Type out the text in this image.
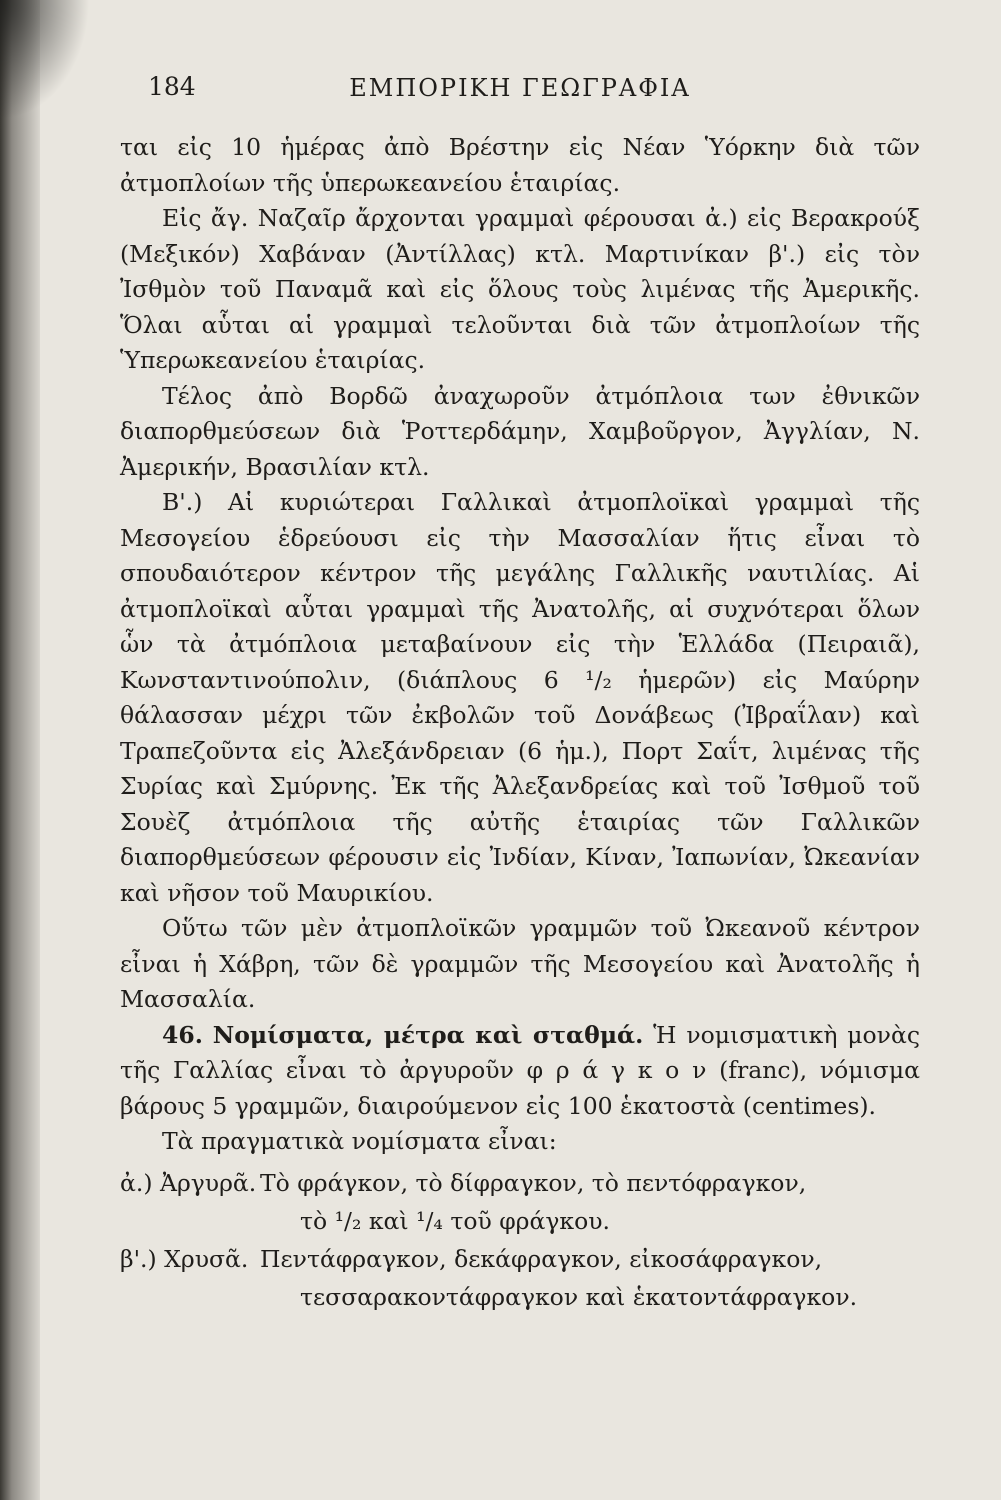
184	ΕΜΠΟΡΙΚΗ ΓΕΩΓΡΑΦΙΑ

ται εἰς 10 ἡμέρας ἀπὸ Βρέστην εἰς Νέαν Ὑόρκην διὰ τῶν ἀτμοπλοίων τῆς ὑπερωκεανείου ἑταιρίας.

Εἰς ἄγ. Ναζαῖρ ἄρχονται γραμμαὶ φέρουσαι ἀ.) εἰς Βερακρούξ (Μεξικόν) Χαβάναν (Ἀντίλλας) κτλ. Μαρτινίκαν β'.) εἰς τὸν Ἰσθμὸν τοῦ Παναμᾶ καὶ εἰς ὅλους τοὺς λιμένας τῆς Ἀμερικῆς. Ὅλαι αὗται αἱ γραμμαὶ τελοῦνται διὰ τῶν ἀτμοπλοίων τῆς Ὑπερωκεανείου ἑταιρίας.

Τέλος ἀπὸ Βορδῶ ἀναχωροῦν ἀτμόπλοια των ἐθνικῶν διαπορθμεύσεων διὰ Ῥοττερδάμην, Χαμβοῦργον, Ἀγγλίαν, Ν. Ἀμερικήν, Βρασιλίαν κτλ.

Β'.) Αἱ κυριώτεραι Γαλλικαὶ ἀτμοπλοϊκαὶ γραμμαὶ τῆς Μεσογείου ἑδρεύουσι εἰς τὴν Μασσαλίαν ἥτις εἶναι τὸ σπουδαιότερον κέντρον τῆς μεγάλης Γαλλικῆς ναυτιλίας. Αἱ ἀτμοπλοϊκαὶ αὗται γραμμαὶ τῆς Ἀνατολῆς, αἱ συχνότεραι ὅλων ὧν τὰ ἀτμόπλοια μεταβαίνουν εἰς τὴν Ἑλλάδα (Πειραιᾶ), Κωνσταντινούπολιν, (διάπλους 6 ¹/₂ ἡμερῶν) εἰς Μαύρην θάλασσαν μέχρι τῶν ἐκβολῶν τοῦ Δονάβεως (Ἰβραΐλαν) καὶ Τραπεζοῦντα εἰς Ἀλεξάνδρειαν (6 ἡμ.), Πορτ Σαΐτ, λιμένας τῆς Συρίας καὶ Σμύρνης. Ἐκ τῆς Ἀλεξανδρείας καὶ τοῦ Ἰσθμοῦ τοῦ Σουὲζ ἀτμόπλοια τῆς αὐτῆς ἑταιρίας τῶν Γαλλικῶν διαπορθμεύσεων φέρουσιν εἰς Ἰνδίαν, Κίναν, Ἰαπωνίαν, Ὠκεανίαν καὶ νῆσον τοῦ Μαυρικίου.

Οὕτω τῶν μὲν ἀτμοπλοϊκῶν γραμμῶν τοῦ Ὠκεανοῦ κέντρον εἶναι ἡ Χάβρη, τῶν δὲ γραμμῶν τῆς Μεσογείου καὶ Ἀνατολῆς ἡ Μασσαλία.

46. Νομίσματα, μέτρα καὶ σταθμά. Ἡ νομισματικὴ μονὰς τῆς Γαλλίας εἶναι τὸ ἀργυροῦν φ ρ ά γ κ ο ν (franc), νόμισμα βάρους 5 γραμμῶν, διαιρούμενον εἰς 100 ἑκατοστὰ (centimes).

Τὰ πραγματικὰ νομίσματα εἶναι:

ἀ.) Ἀργυρᾶ. Τὸ φράγκον, τὸ δίφραγκον, τὸ πεντόφραγκον,
τὸ ¹/₂ καὶ ¹/₄ τοῦ φράγκου.
β'.) Χρυσᾶ. Πεντάφραγκον, δεκάφραγκον, εἰκοσάφραγκον,
τεσσαρακοντάφραγκον καὶ ἑκατοντάφραγκον.
